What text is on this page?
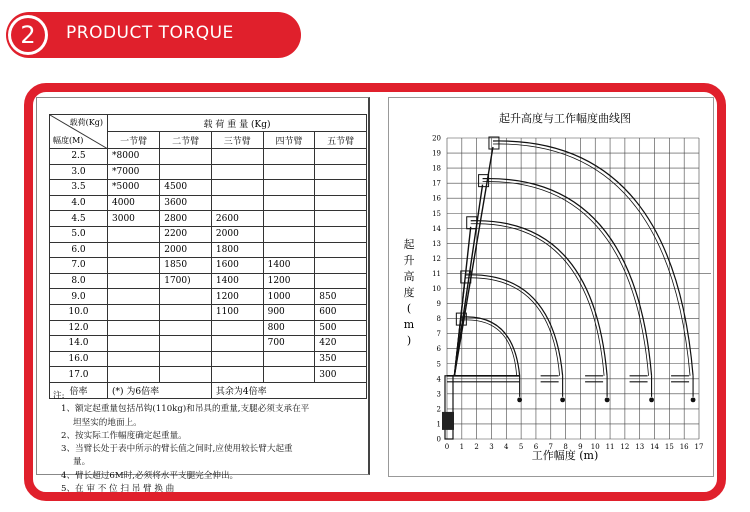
2	PRODUCT TORQUE
载荷(Kg)
幅度(M)	载 荷 重 量 (Kg)				
	一节臂	二节臂	三节臂	四节臂	五节臂
2.5	*8000				
3.0	*7000				
3.5	*5000	4500			
4.0	4000	3600			
4.5	3000	2800	2600		
5.0		2200	2000		
6.0		2000	1800		
7.0		1850	1600	1400	
8.0		1700)	1400	1200	
9.0			1200	1000	850
10.0			1100	900	600
12.0				800	500
14.0				700	420
16.0					350
17.0					300
倍率	(*) 为6倍率		其余为4倍率		

注:

1、额定起重量包括吊钩(110kg)和吊具的重量,支腿必须支承在平

坦坚实的地面上。

2、按实际工作幅度确定起重量。

3、当臂长处于表中所示的臂长值之间时,应使用较长臂大起重

量。

4、臂长超过6M时,必须将水平支腿完全伸出。

5、在 审 不 位 扫 吊 臂 换 曲

0 1 2 3 4 5 6 7 8 9 10 11 12 13 14 15 16 17
0
1
2
3
4
5
6
7
8
9
10
11
12
13
14
15
16
17
18
19
20
起升高度与工作幅度曲线图
工作幅度 (m)
起
升
高
度
(
m
)
